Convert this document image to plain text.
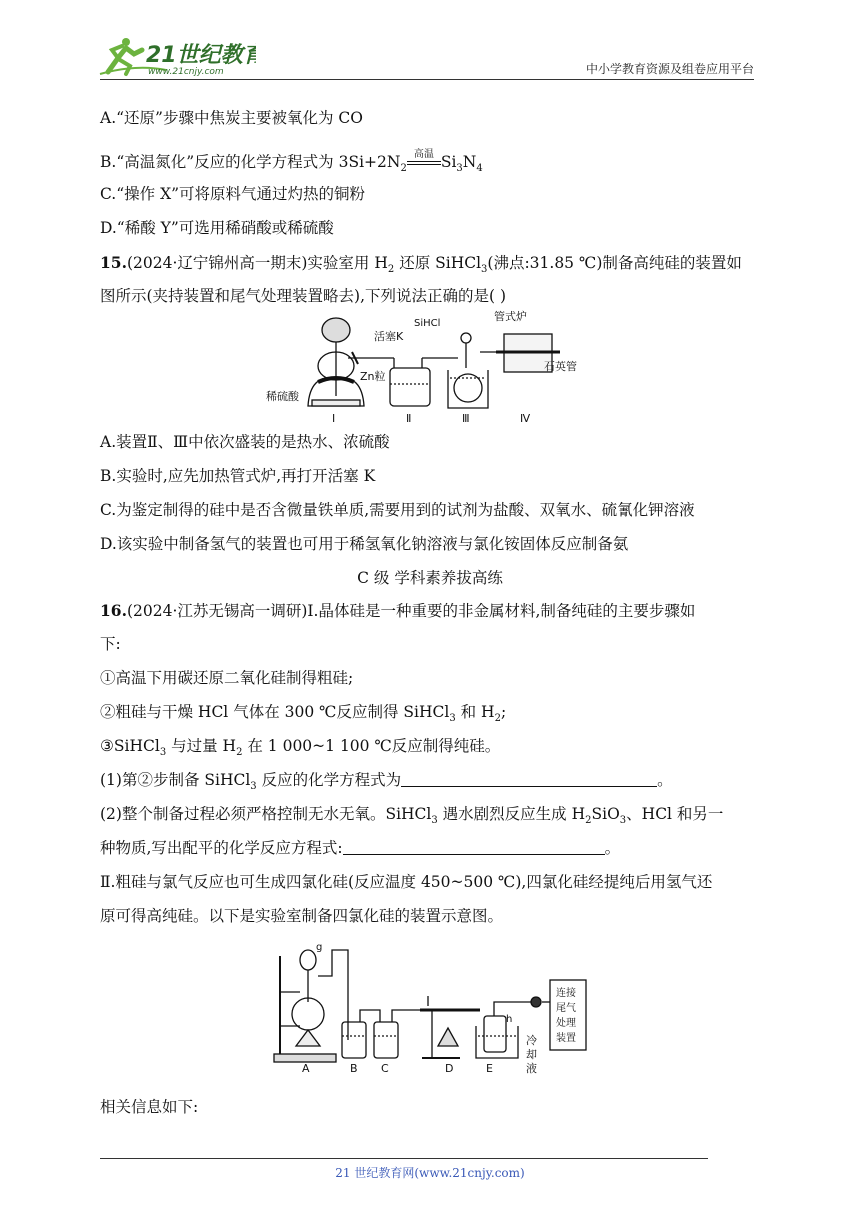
21世纪教育
www.21cnjy.com	中小学教育资源及组卷应用平台
A.“还原”步骤中焦炭主要被氧化为 CO
B.“高温氮化”反应的化学方程式为 $3Si+2N_2$
高温 $Si_3N_4$
C.“操作 X”可将原料气通过灼热的铜粉
D.“稀酸 Y”可选用稀硝酸或稀硫酸
15.(2024·辽宁锦州高一期末)实验室用 $H_2$ 还原 SiHCl$_3$(沸点:31.85 ℃)制备高纯硅的装置如
图所示(夹持装置和尾气处理装置略去),下列说法正确的是( )
活塞K
Zn粒
稀硫酸
SiHCl
管式炉
石英管
Ⅰ	Ⅱ	Ⅲ	Ⅳ
A.装置Ⅱ、Ⅲ中依次盛装的是热水、浓硫酸
B.实验时,应先加热管式炉,再打开活塞 K
C.为鉴定制得的硅中是否含微量铁单质,需要用到的试剂为盐酸、双氧水、硫氰化钾溶液
D.该实验中制备氢气的装置也可用于稀氢氧化钠溶液与氯化铵固体反应制备氨
C 级 学科素养拔高练
16.(2024·江苏无锡高一调研)Ⅰ.晶体硅是一种重要的非金属材料,制备纯硅的主要步骤如
下:
①高温下用碳还原二氧化硅制得粗硅;
②粗硅与干燥 HCl 气体在 300 ℃反应制得 SiHCl$_3$ 和 $H_2$;
③SiHCl$_3$ 与过量 $H_2$ 在 1 000~1 100 ℃反应制得纯硅。
(1)第②步制备 SiHCl$_3$ 反应的化学方程式为	。
(2)整个制备过程必须严格控制无水无氧。SiHCl$_3$ 遇水剧烈反应生成 $H_2SiO_3$、HCl 和另一
种物质,写出配平的化学反应方程式:	。
Ⅱ.粗硅与氯气反应也可生成四氯化硅(反应温度 450~500 ℃),四氯化硅经提纯后用氢气还
原可得高纯硅。以下是实验室制备四氯化硅的装置示意图。
g
B C
A	D
h
E
冷
却
液
连接
尾气
处理
装置
相关信息如下:
21 世纪教育网(www.21cnjy.com)
